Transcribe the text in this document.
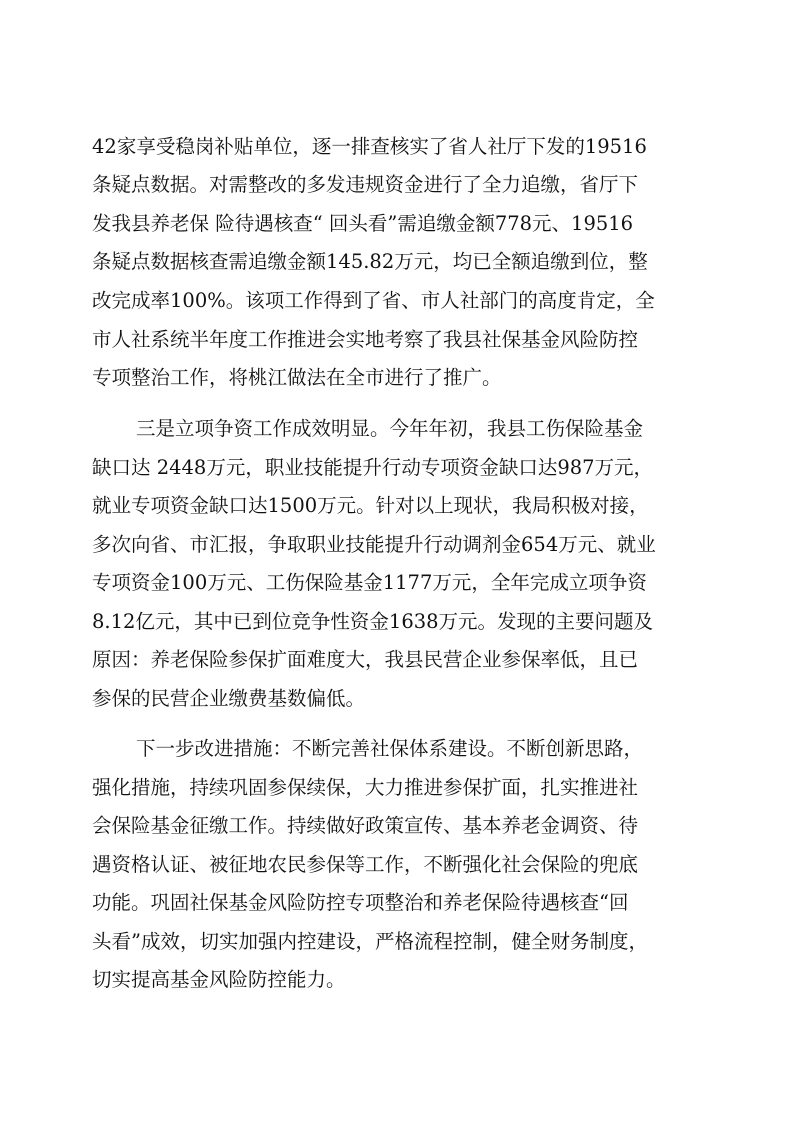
42家享受稳岗补贴单位，逐一排查核实了省人社厅下发的19516
条疑点数据。对需整改的多发违规资金进行了全力追缴，省厅下
发我县养老保 险待遇核查“ 回头看”需追缴金额778元、19516
条疑点数据核查需追缴金额145.82万元，均已全额追缴到位，整
改完成率100%。该项工作得到了省、市人社部门的高度肯定，全
市人社系统半年度工作推进会实地考察了我县社保基金风险防控
专项整治工作，将桃江做法在全市进行了推广。
三是立项争资工作成效明显。今年年初，我县工伤保险基金
缺口达 2448万元，职业技能提升行动专项资金缺口达987万元，
就业专项资金缺口达1500万元。针对以上现状，我局积极对接，
多次向省、市汇报，争取职业技能提升行动调剂金654万元、就业
专项资金100万元、工伤保险基金1177万元，全年完成立项争资
8.12亿元，其中已到位竞争性资金1638万元。发现的主要问题及
原因：养老保险参保扩面难度大，我县民营企业参保率低，且已
参保的民营企业缴费基数偏低。
下一步改进措施：不断完善社保体系建设。不断创新思路，
强化措施，持续巩固参保续保，大力推进参保扩面，扎实推进社
会保险基金征缴工作。持续做好政策宣传、基本养老金调资、待
遇资格认证、被征地农民参保等工作，不断强化社会保险的兜底
功能。巩固社保基金风险防控专项整治和养老保险待遇核查“回
头看”成效，切实加强内控建设，严格流程控制，健全财务制度，
切实提高基金风险防控能力。
